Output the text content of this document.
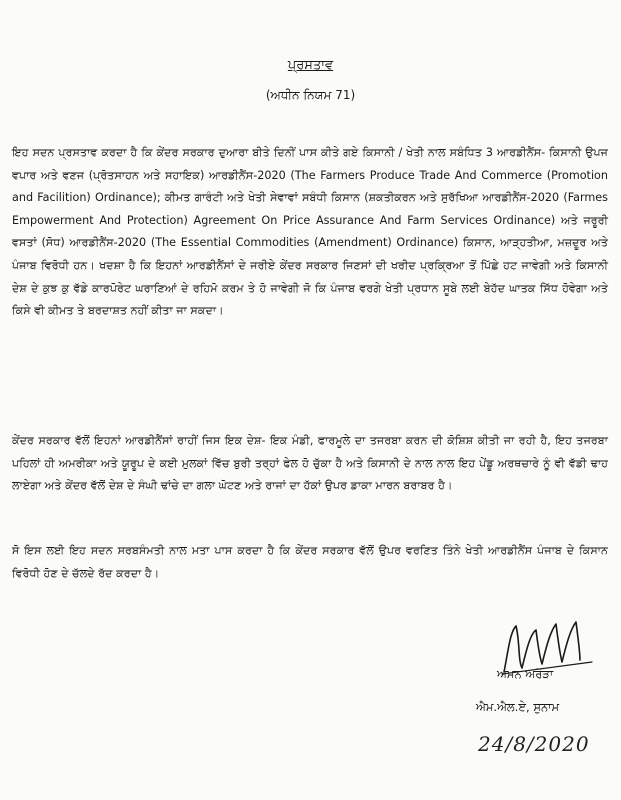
ਪ੍ਰਸਤਾਵ
(ਅਧੀਨ ਨਿਯਮ 71)
ਇਹ ਸਦਨ ਪ੍ਰਸਤਾਵ ਕਰਦਾ ਹੈ ਕਿ ਕੇਂਦਰ ਸਰਕਾਰ ਦੁਆਰਾ ਬੀਤੇ ਦਿਨੀਂ ਪਾਸ ਕੀਤੇ ਗਏ ਕਿਸਾਨੀ / ਖੇਤੀ ਨਾਲ ਸਬੰਧਿਤ 3 ਆਰਡੀਨੈਂਸ- ਕਿਸਾਨੀ ਉਪਜ ਵਪਾਰ ਅਤੇ ਵਣਜ (ਪ੍ਰੋਤਸਾਹਨ ਅਤੇ ਸਹਾਇਕ) ਆਰਡੀਨੈਂਸ-2020 (The Farmers Produce Trade And Commerce (Promotion and Facilition) Ordinance); ਕੀਮਤ ਗਾਰੰਟੀ ਅਤੇ ਖੇਤੀ ਸੇਵਾਵਾਂ ਸਬੰਧੀ ਕਿਸਾਨ (ਸ਼ਕਤੀਕਰਨ ਅਤੇ ਸੁਰੱਖਿਆ ਆਰਡੀਨੈਂਸ-2020 (Farmes Empowerment And Protection) Agreement On Price Assurance And Farm Services Ordinance) ਅਤੇ ਜਰੂਰੀ ਵਸਤਾਂ (ਸੋਧ) ਆਰਡੀਨੈਂਸ-2020 (The Essential Commodities (Amendment) Ordinance) ਕਿਸਾਨ, ਆੜ੍ਹਤੀਆ, ਮਜ਼ਦੂਰ ਅਤੇ ਪੰਜਾਬ ਵਿਰੋਧੀ ਹਨ। ਖਦਸ਼ਾ ਹੈ ਕਿ ਇਹਨਾਂ ਆਰਡੀਨੈਂਸਾਂ ਦੇ ਜਰੀਏ ਕੇਂਦਰ ਸਰਕਾਰ ਜਿਣਸਾਂ ਦੀ ਖਰੀਦ ਪ੍ਰਕ੍ਰਿਆ ਤੋਂ ਪਿੱਛੇ ਹਟ ਜਾਵੇਗੀ ਅਤੇ ਕਿਸਾਨੀ ਦੇਸ਼ ਦੇ ਕੁਝ ਕੁ ਵੱਡੇ ਕਾਰਪੋਰੇਟ ਘਰਾਣਿਆਂ ਦੇ ਰਹਿਮੋ ਕਰਮ ਤੇ ਹੋ ਜਾਵੇਗੀ ਜੋ ਕਿ ਪੰਜਾਬ ਵਰਗੇ ਖੇਤੀ ਪ੍ਰਧਾਨ ਸੂਬੇ ਲਈ ਬੇਹੱਦ ਘਾਤਕ ਸਿੱਧ ਹੋਵੇਗਾ ਅਤੇ ਕਿਸੇ ਵੀ ਕੀਮਤ ਤੇ ਬਰਦਾਸ਼ਤ ਨਹੀਂ ਕੀਤਾ ਜਾ ਸਕਦਾ।
ਕੇਂਦਰ ਸਰਕਾਰ ਵੱਲੋਂ ਇਹਨਾਂ ਆਰਡੀਨੈਂਸਾਂ ਰਾਹੀਂ ਜਿਸ ਇਕ ਦੇਸ਼- ਇਕ ਮੰਡੀ, ਫਾਰਮੂਲੇ ਦਾ ਤਜਰਬਾ ਕਰਨ ਦੀ ਕੋਸ਼ਿਸ਼ ਕੀਤੀ ਜਾ ਰਹੀ ਹੈ, ਇਹ ਤਜਰਬਾ ਪਹਿਲਾਂ ਹੀ ਅਮਰੀਕਾ ਅਤੇ ਯੂਰੂਪ ਦੇ ਕਈ ਮੁਲਕਾਂ ਵਿੱਚ ਬੁਰੀ ਤਰ੍ਹਾਂ ਫੇਲ ਹੋ ਚੁੱਕਾ ਹੈ ਅਤੇ ਕਿਸਾਨੀ ਦੇ ਨਾਲ ਨਾਲ ਇਹ ਪੇਂਡੂ ਅਰਥਚਾਰੇ ਨੂੰ ਵੀ ਵੱਡੀ ਢਾਹ ਲਾਏਗਾ ਅਤੇ ਕੇਂਦਰ ਵੱਲੋਂ ਦੇਸ਼ ਦੇ ਸੰਘੀ ਢਾਂਚੇ ਦਾ ਗਲਾ ਘੋਟਣ ਅਤੇ ਰਾਜਾਂ ਦਾ ਹੱਕਾਂ ਉਪਰ ਡਾਕਾ ਮਾਰਨ ਬਰਾਬਰ ਹੈ।
ਸੋ ਇਸ ਲਈ ਇਹ ਸਦਨ ਸਰਬਸੰਮਤੀ ਨਾਲ ਮਤਾ ਪਾਸ ਕਰਦਾ ਹੈ ਕਿ ਕੇਂਦਰ ਸਰਕਾਰ ਵੱਲੋਂ ਉਪਰ ਵਰਣਿਤ ਤਿੰਨੇ ਖੇਤੀ ਆਰਡੀਨੈਂਸ ਪੰਜਾਬ ਦੇ ਕਿਸਾਨ ਵਿਰੋਧੀ ਹੋਣ ਦੇ ਚੱਲਦੇ ਰੱਦ ਕਰਦਾ ਹੈ।
ਅਮਨ ਅਰੋੜਾ
ਐਮ.ਐਲ.ਏ, ਸੁਨਾਮ
24/8/2020
